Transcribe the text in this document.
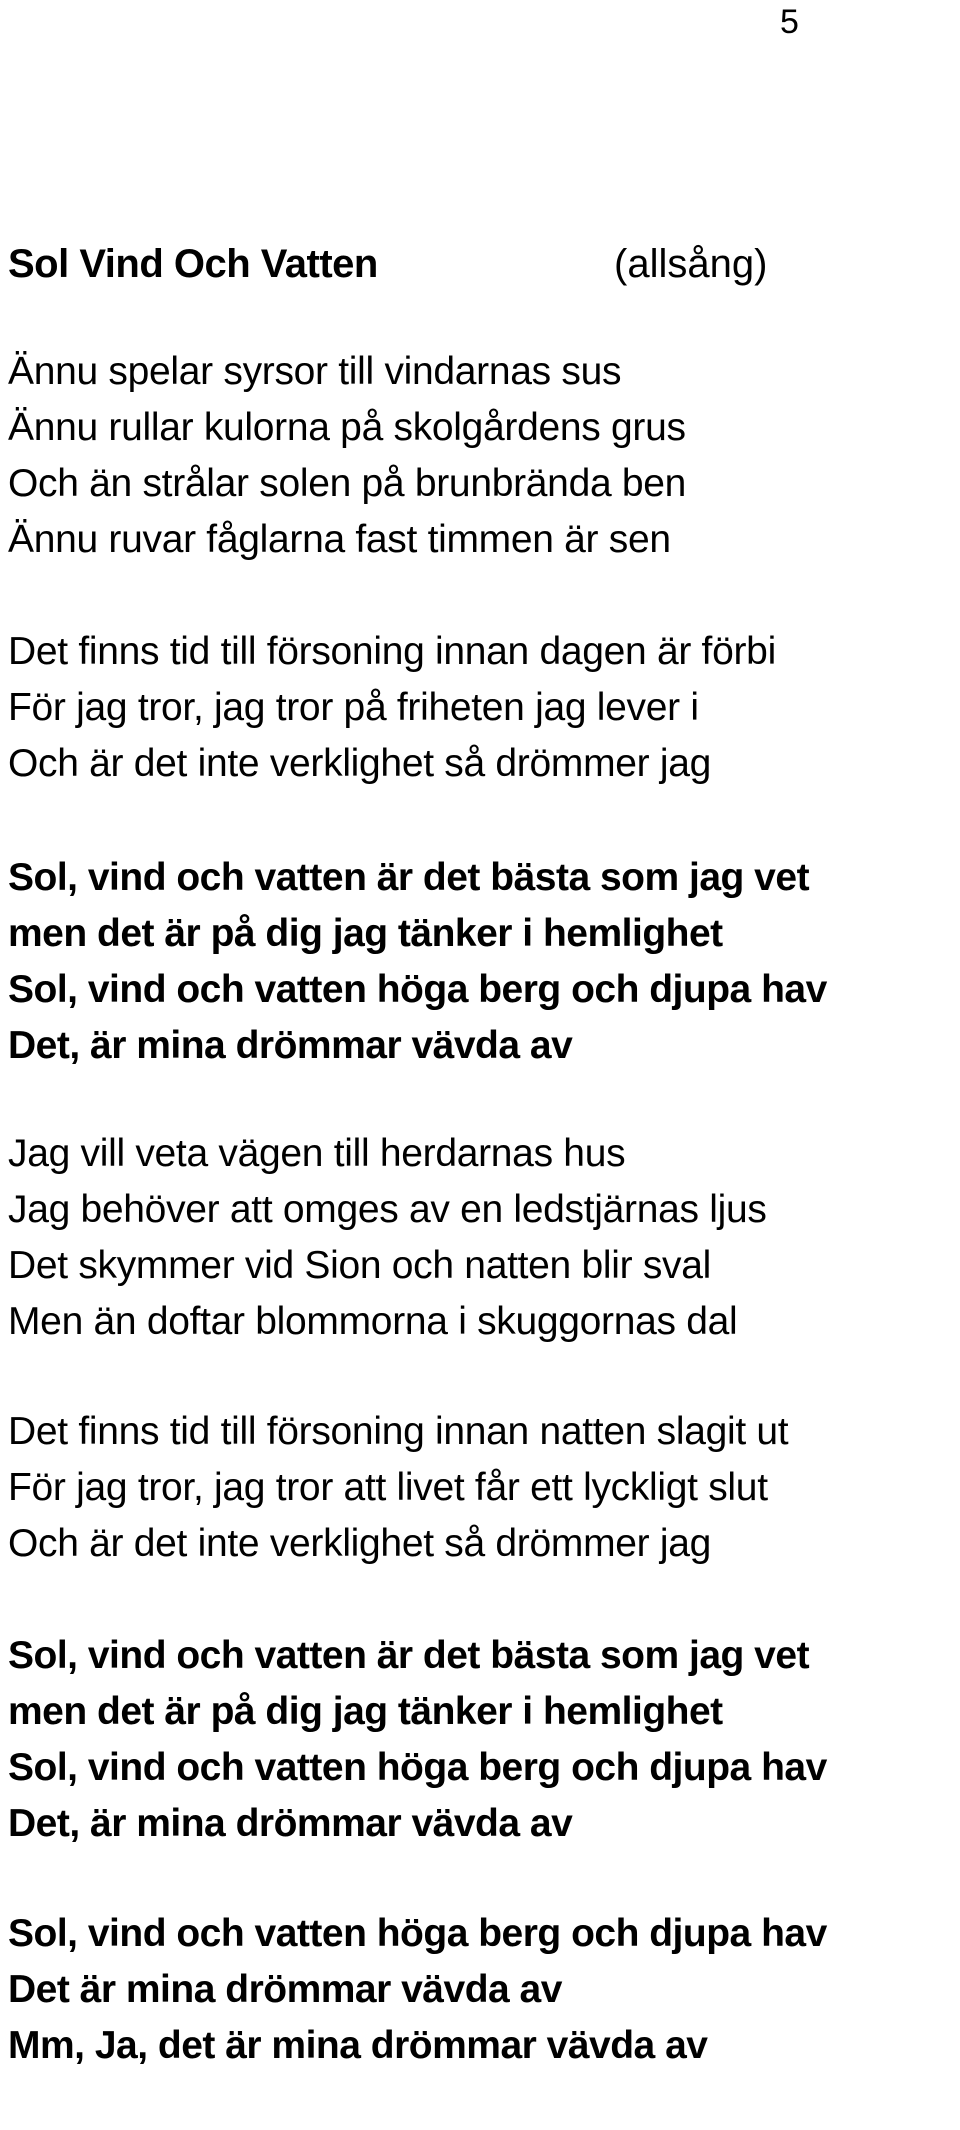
5
Sol Vind Och Vatten	(allsång)
Ännu spelar syrsor till vindarnas sus
Ännu rullar kulorna på skolgårdens grus
Och än strålar solen på brunbrända ben
Ännu ruvar fåglarna fast timmen är sen
Det finns tid till försoning innan dagen är förbi
För jag tror, jag tror på friheten jag lever i
Och är det inte verklighet så drömmer jag
Sol, vind och vatten är det bästa som jag vet
men det är på dig jag tänker i hemlighet
Sol, vind och vatten höga berg och djupa hav
Det, är mina drömmar vävda av
Jag vill veta vägen till herdarnas hus
Jag behöver att omges av en ledstjärnas ljus
Det skymmer vid Sion och natten blir sval
Men än doftar blommorna i skuggornas dal
Det finns tid till försoning innan natten slagit ut
För jag tror, jag tror att livet får ett lyckligt slut
Och är det inte verklighet så drömmer jag
Sol, vind och vatten är det bästa som jag vet
men det är på dig jag tänker i hemlighet
Sol, vind och vatten höga berg och djupa hav
Det, är mina drömmar vävda av
Sol, vind och vatten höga berg och djupa hav
Det är mina drömmar vävda av
Mm, Ja, det är mina drömmar vävda av
